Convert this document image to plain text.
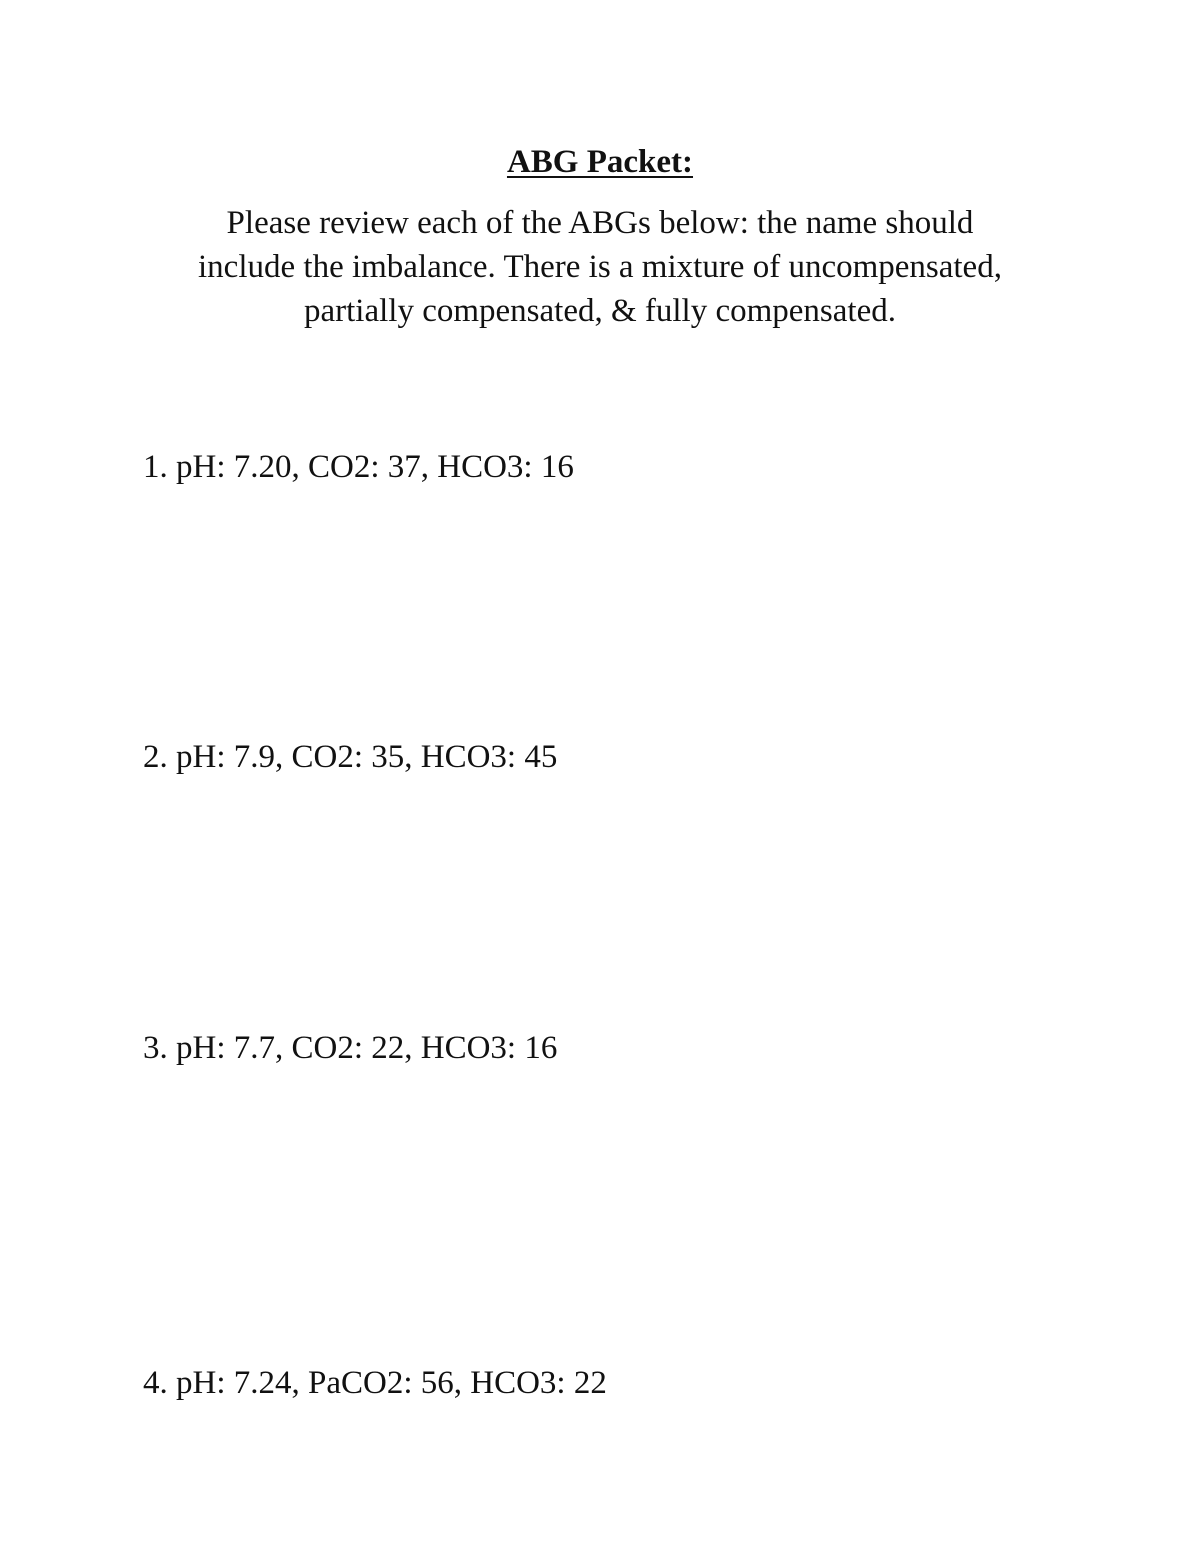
ABG Packet:
Please review each of the ABGs below: the name should
include the imbalance. There is a mixture of uncompensated,
partially compensated, & fully compensated.
1. pH: 7.20, CO2: 37, HCO3: 16
2. pH: 7.9, CO2: 35, HCO3: 45
3. pH: 7.7, CO2: 22, HCO3: 16
4. pH: 7.24, PaCO2: 56, HCO3: 22
